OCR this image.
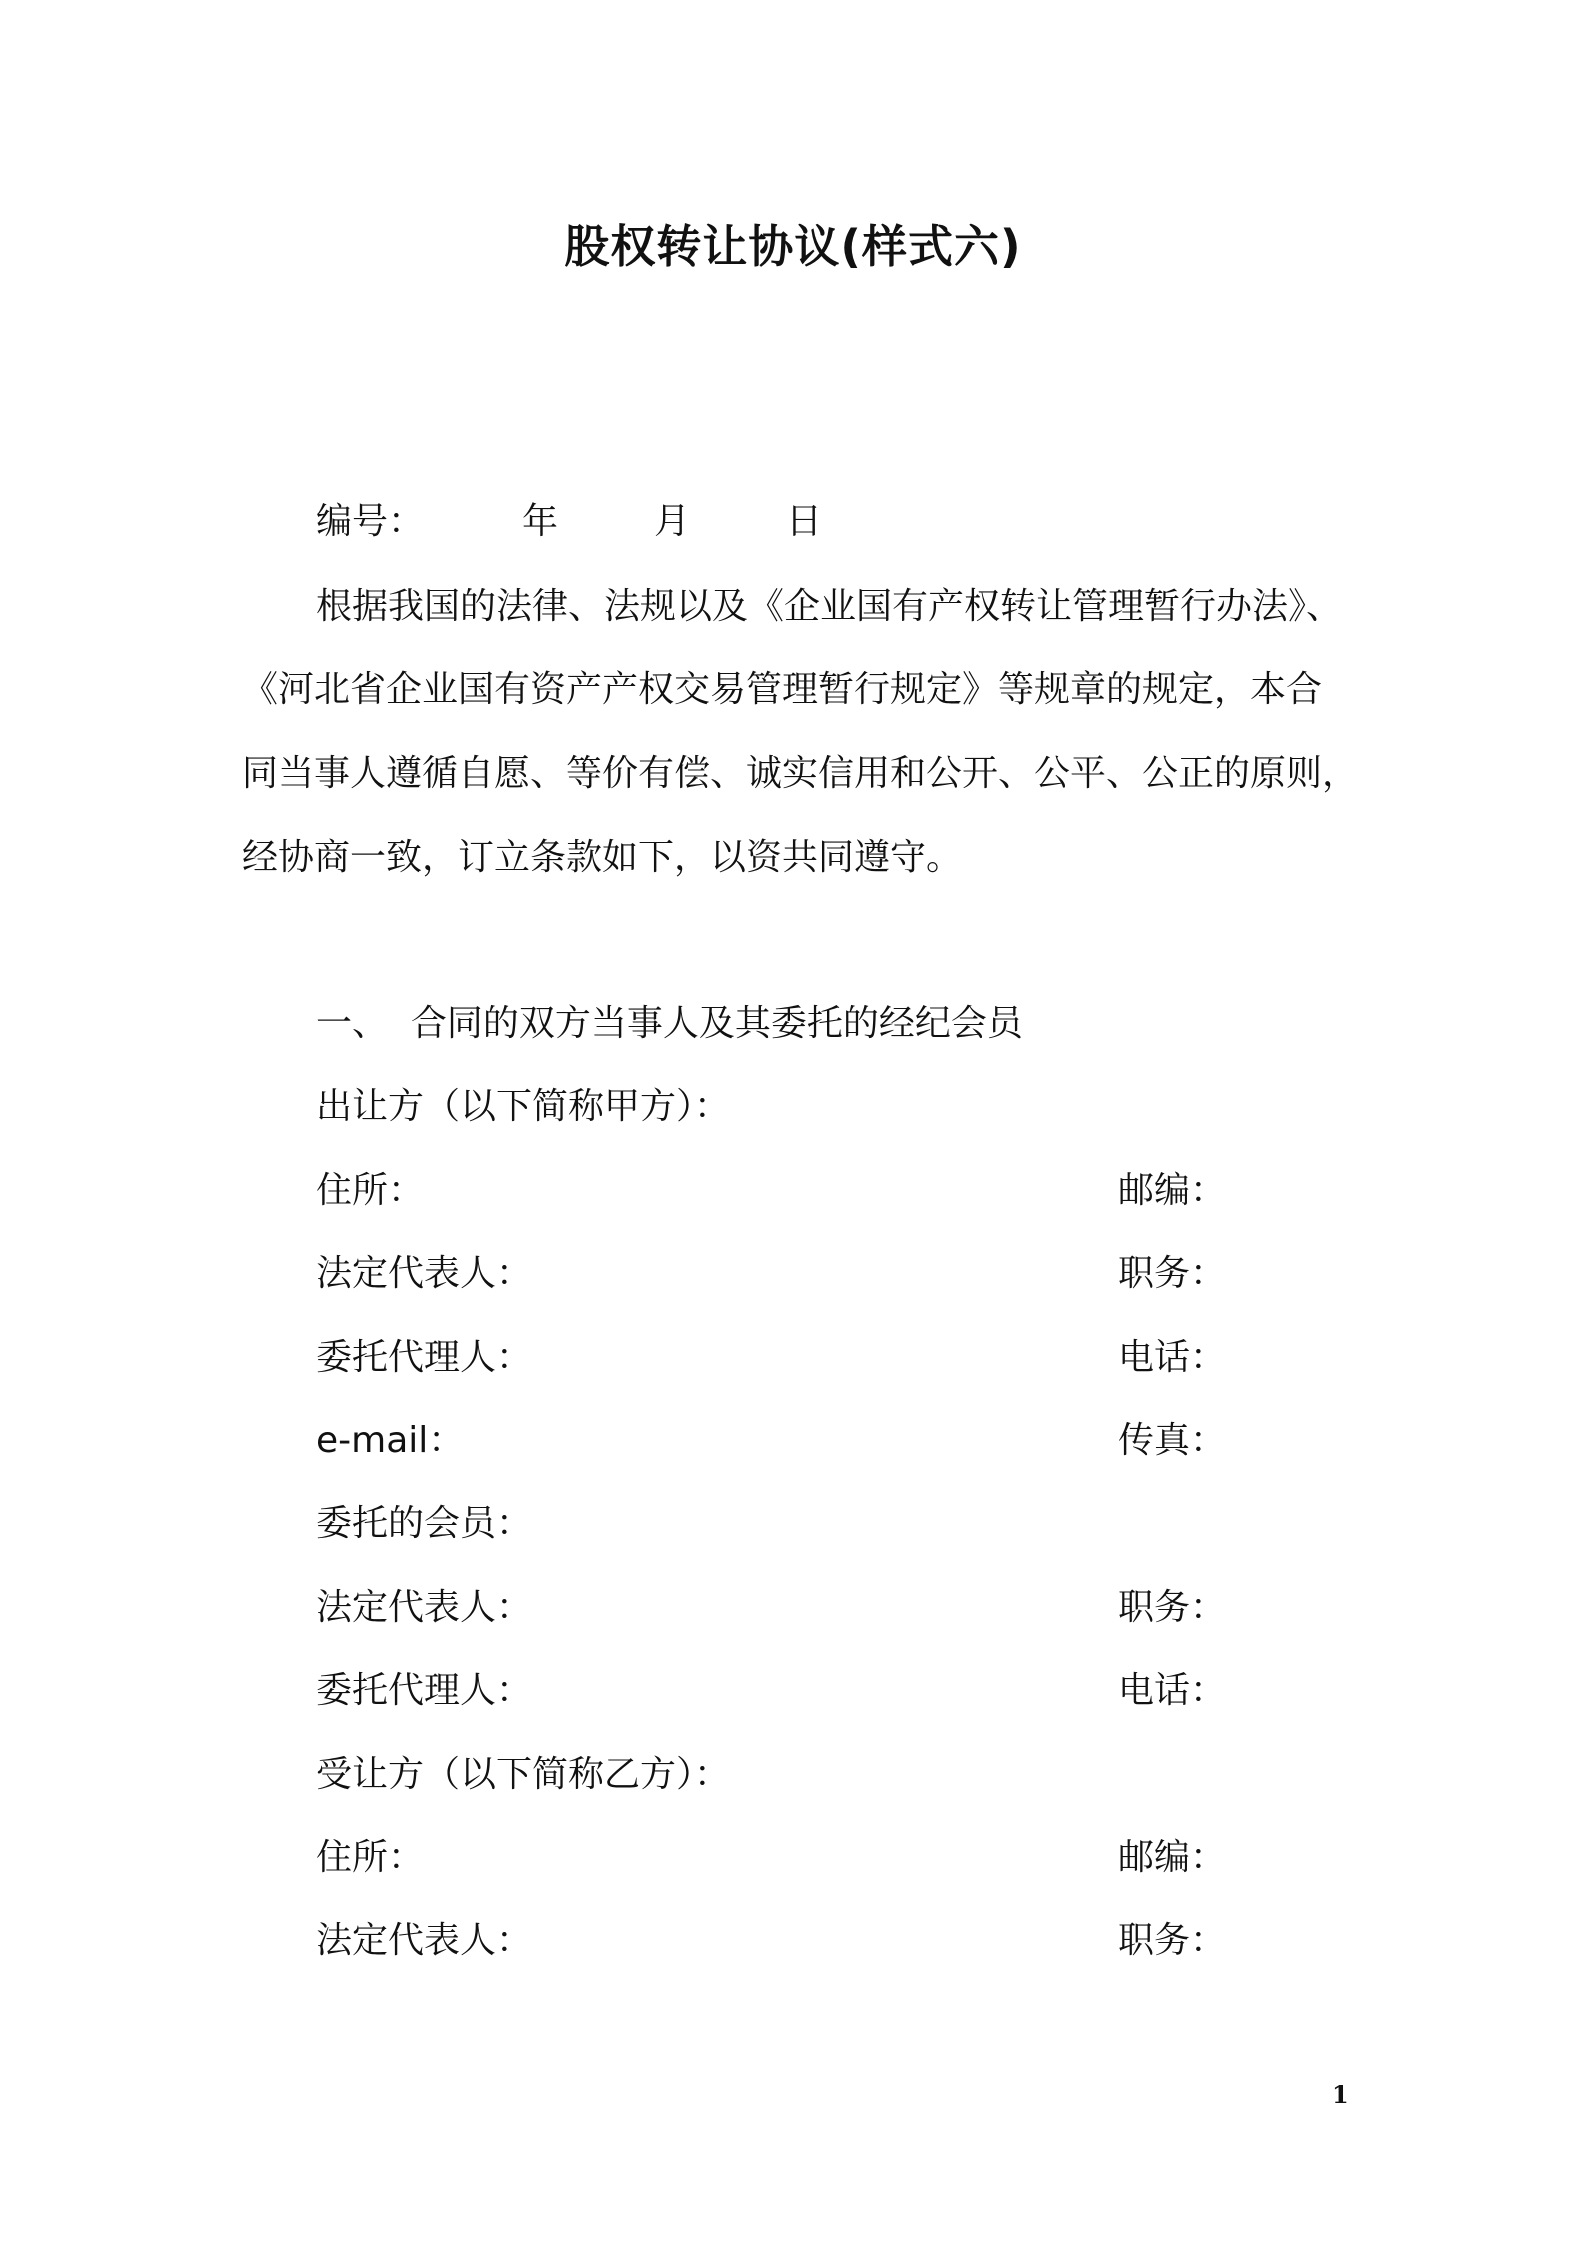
股权转让协议(样式六)
编号：	年	月	日
根据我国的法律、法规以及《企业国有产权转让管理暂行办法》、
《河北省企业国有资产产权交易管理暂行规定》等规章的规定，本合
同当事人遵循自愿、等价有偿、诚实信用和公开、公平、公正的原则，
经协商一致，订立条款如下，以资共同遵守。
一、  合同的双方当事人及其委托的经纪会员
出让方（以下简称甲方）：
住所：	邮编：
法定代表人：	职务：
委托代理人：	电话：
e-mail：	传真：
委托的会员：
法定代表人：	职务：
委托代理人：	电话：
受让方（以下简称乙方）：
住所：	邮编：
法定代表人：	职务：
1
